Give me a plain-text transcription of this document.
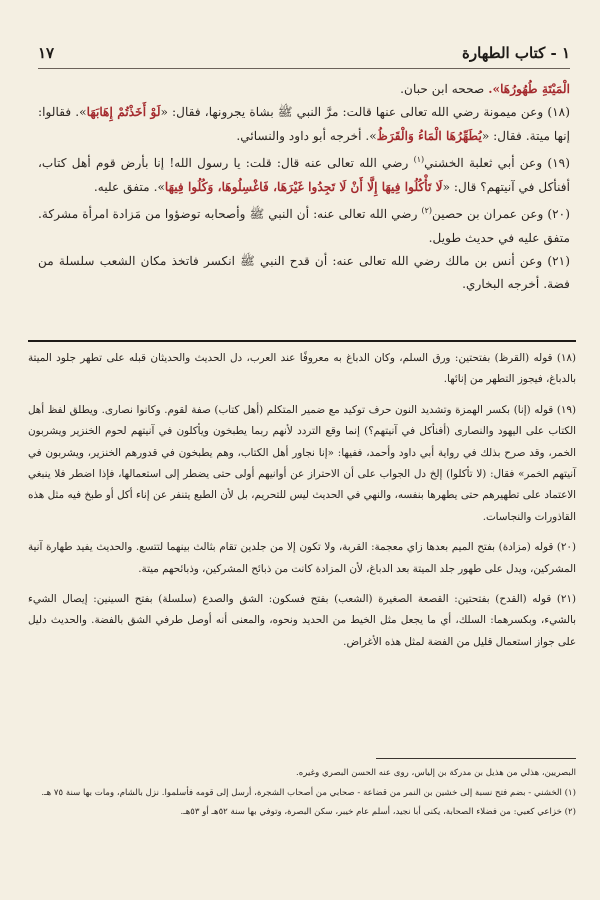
١ - كتاب الطهارة
١٧

الْمَيْتَةِ طُهُورُهَا». صححه ابن حبان.

(١٨) وعن ميمونة رضي الله تعالى عنها قالت: مرَّ النبي ﷺ بشاة يجرونها، فقال: «لَوْ أَخَذْتُمْ إِهَابَهَا». فقالوا: إنها ميتة. فقال: «يُطَهِّرُهَا الْمَاءُ وَالْقَرَظُ». أخرجه أبو داود والنسائي.

(١٩) وعن أبي ثعلبة الخشني$^{(١)}$ رضي الله تعالى عنه قال: قلت: يا رسول الله! إنا بأرض قوم أهل كتاب، أفنأكل في آنيتهم؟ قال: «لَا تَأْكُلُوا فِيهَا إِلَّا أَنْ لَا تَجِدُوا غَيْرَهَا، فَاغْسِلُوهَا، وَكُلُوا فِيهَا». متفق عليه.

(٢٠) وعن عمران بن حصين$^{(٢)}$ رضي الله تعالى عنه: أن النبي ﷺ وأصحابه توضؤوا من مَزادة امرأة مشركة. متفق عليه في حديث طويل.

(٢١) وعن أنس بن مالك رضي الله تعالى عنه: أن قدح النبي ﷺ انكسر فاتخذ مكان الشعب سلسلة من فضة. أخرجه البخاري.

(١٨) قوله (القرظ) بفتحتين: ورق السلم، وكان الدباغ به معروفًا عند العرب، دل الحديث والحديثان قبله على تطهر جلود الميتة بالدباغ، فيجوز التطهر من إنائها.

(١٩) قوله (إنا) بكسر الهمزة وتشديد النون حرف توكيد مع ضمير المتكلم (أهل كتاب) صفة لقوم. وكانوا نصارى. ويطلق لفظ أهل الكتاب على اليهود والنصارى (أفنأكل في آنيتهم؟) إنما وقع التردد لأنهم ربما يطبخون ويأكلون في آنيتهم لحوم الخنزير ويشربون الخمر، وقد صرح بذلك في رواية أبي داود وأحمد، ففيها: «إنا نجاور أهل الكتاب، وهم يطبخون في قدورهم الخنزير، ويشربون في آنيتهم الخمر» فقال: (لا تأكلوا) إلخ دل الجواب على أن الاحتراز عن أوانيهم أولى حتى يضطر إلى استعمالها، فإذا اضطر فلا ينبغي الاعتماد على تطهيرهم حتى يطهرها بنفسه، والنهي في الحديث ليس للتحريم، بل لأن الطبع يتنفر عن إناء أكل أو طبخ فيه مثل هذه القاذورات والنجاسات.

(٢٠) قوله (مزادة) بفتح الميم بعدها زاي معجمة: القربة، ولا تكون إلا من جلدين تقام بثالث بينهما لتتسع. والحديث يفيد طهارة آنية المشركين، ويدل على طهور جلد الميتة بعد الدباغ، لأن المزادة كانت من ذبائح المشركين، وذبائحهم ميتة.

(٢١) قوله (القدح) بفتحتين: القصعة الصغيرة (الشعب) بفتح فسكون: الشق والصدع (سلسلة) بفتح السينين: إيصال الشيء بالشيء، وبكسرهما: السلك، أي ما يجعل مثل الخيط من الحديد ونحوه، والمعنى أنه أوصل طرفي الشق بالفضة. والحديث دليل على جواز استعمال قليل من الفضة لمثل هذه الأغراض.

البصريين، هذلي من هذيل بن مدركة بن إلياس، روى عنه الحسن البصري وغيره.

(١) الخشني - بضم فتح نسبة إلى خشين بن النمر من قضاعة - صحابي من أصحاب الشجرة، أرسل إلى قومه فأسلموا. نزل بالشام، ومات بها سنة ٧٥ هـ.

(٢) خزاعي كعبي: من فضلاء الصحابة، يكنى أبا نجيد، أسلم عام خيبر، سكن البصرة، وتوفي بها سنة ٥٢هـ أو ٥٣هـ.
